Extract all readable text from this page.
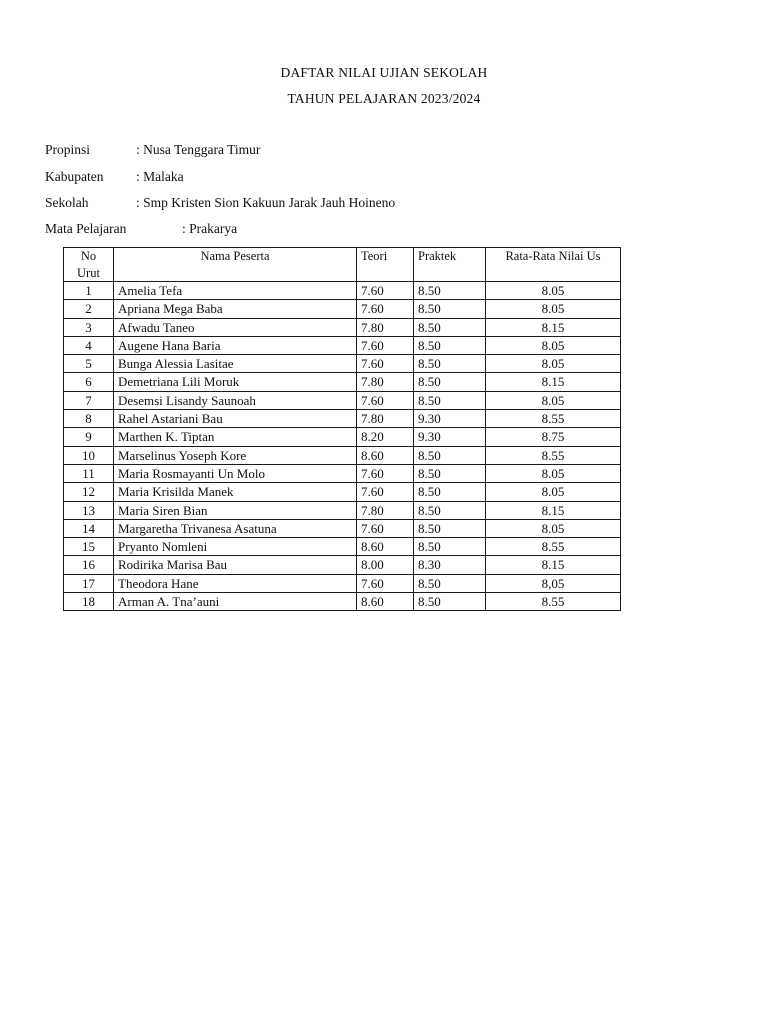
DAFTAR NILAI UJIAN SEKOLAH
TAHUN PELAJARAN 2023/2024
Propinsi	: Nusa Tenggara Timur
Kabupaten : Malaka
Sekolah	: Smp Kristen Sion Kakuun Jarak Jauh Hoineno
Mata Pelajaran	: Prakarya
No Urut	Nama Peserta	Teori	Praktek	Rata-Rata Nilai Us
1	Amelia Tefa	7.60	8.50	8.05
2	Apriana Mega Baba	7.60	8.50	8.05
3	Afwadu Taneo	7.80	8.50	8.15
4	Augene Hana Baria	7.60	8.50	8.05
5	Bunga Alessia Lasitae	7.60	8.50	8.05
6	Demetriana Lili Moruk	7.80	8.50	8.15
7	Desemsi Lisandy Saunoah	7.60	8.50	8.05
8	Rahel Astariani Bau	7.80	9.30	8.55
9	Marthen K. Tiptan	8.20	9.30	8.75
10	Marselinus Yoseph Kore	8.60	8.50	8.55
11	Maria Rosmayanti Un Molo	7.60	8.50	8.05
12	Maria Krisilda Manek	7.60	8.50	8.05
13	Maria Siren Bian	7.80	8.50	8.15
14	Margaretha Trivanesa Asatuna	7.60	8.50	8.05
15	Pryanto Nomleni	8.60	8.50	8.55
16	Rodirika Marisa Bau	8.00	8.30	8.15
17	Theodora Hane	7.60	8.50	8,05
18	Arman A. Tna’auni	8.60	8.50	8.55
